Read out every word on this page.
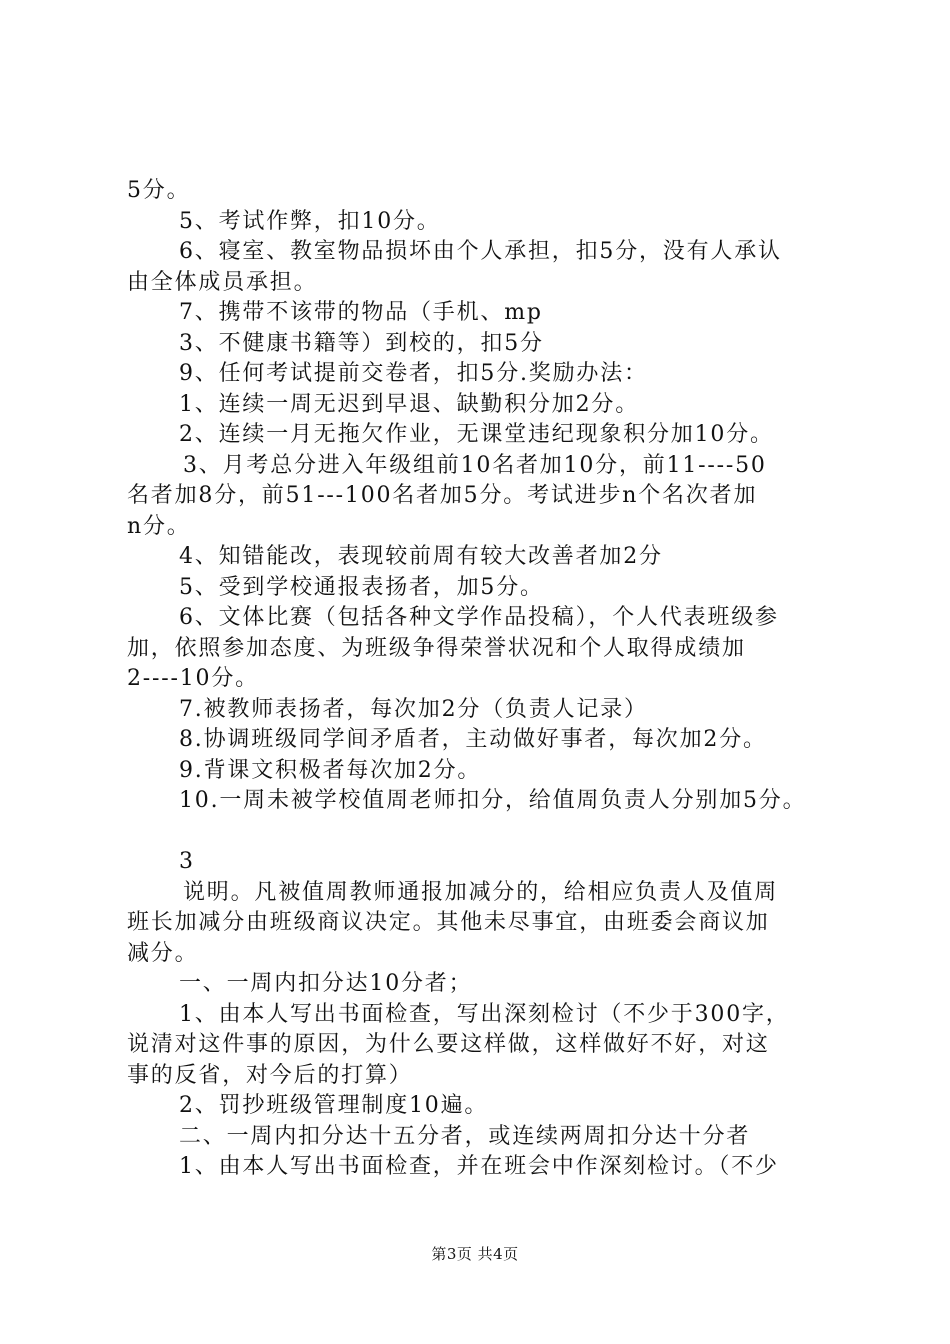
5分。
5、考试作弊，扣10分。
6、寝室、教室物品损坏由个人承担，扣5分，没有人承认
由全体成员承担。
7、携带不该带的物品（手机、mp
3、不健康书籍等）到校的，扣5分
9、任何考试提前交卷者，扣5分.奖励办法：
1、连续一周无迟到早退、缺勤积分加2分。
2、连续一月无拖欠作业，无课堂违纪现象积分加10分。
3、月考总分进入年级组前10名者加10分，前11----50
名者加8分，前51---100名者加5分。考试进步n个名次者加
n分。
4、知错能改，表现较前周有较大改善者加2分
5、受到学校通报表扬者，加5分。
6、文体比赛（包括各种文学作品投稿），个人代表班级参
加，依照参加态度、为班级争得荣誉状况和个人取得成绩加
2----10分。
7.被教师表扬者，每次加2分（负责人记录）
8.协调班级同学间矛盾者，主动做好事者，每次加2分。
9.背课文积极者每次加2分。
10.一周未被学校值周老师扣分，给值周负责人分别加5分。
3
说明。凡被值周教师通报加减分的，给相应负责人及值周
班长加减分由班级商议决定。其他未尽事宜，由班委会商议加
减分。
一、一周内扣分达10分者；
1、由本人写出书面检查，写出深刻检讨（不少于300字，
说清对这件事的原因，为什么要这样做，这样做好不好，对这
事的反省，对今后的打算）
2、罚抄班级管理制度10遍。
二、一周内扣分达十五分者，或连续两周扣分达十分者
1、由本人写出书面检查，并在班会中作深刻检讨。（不少
第3页 共4页
